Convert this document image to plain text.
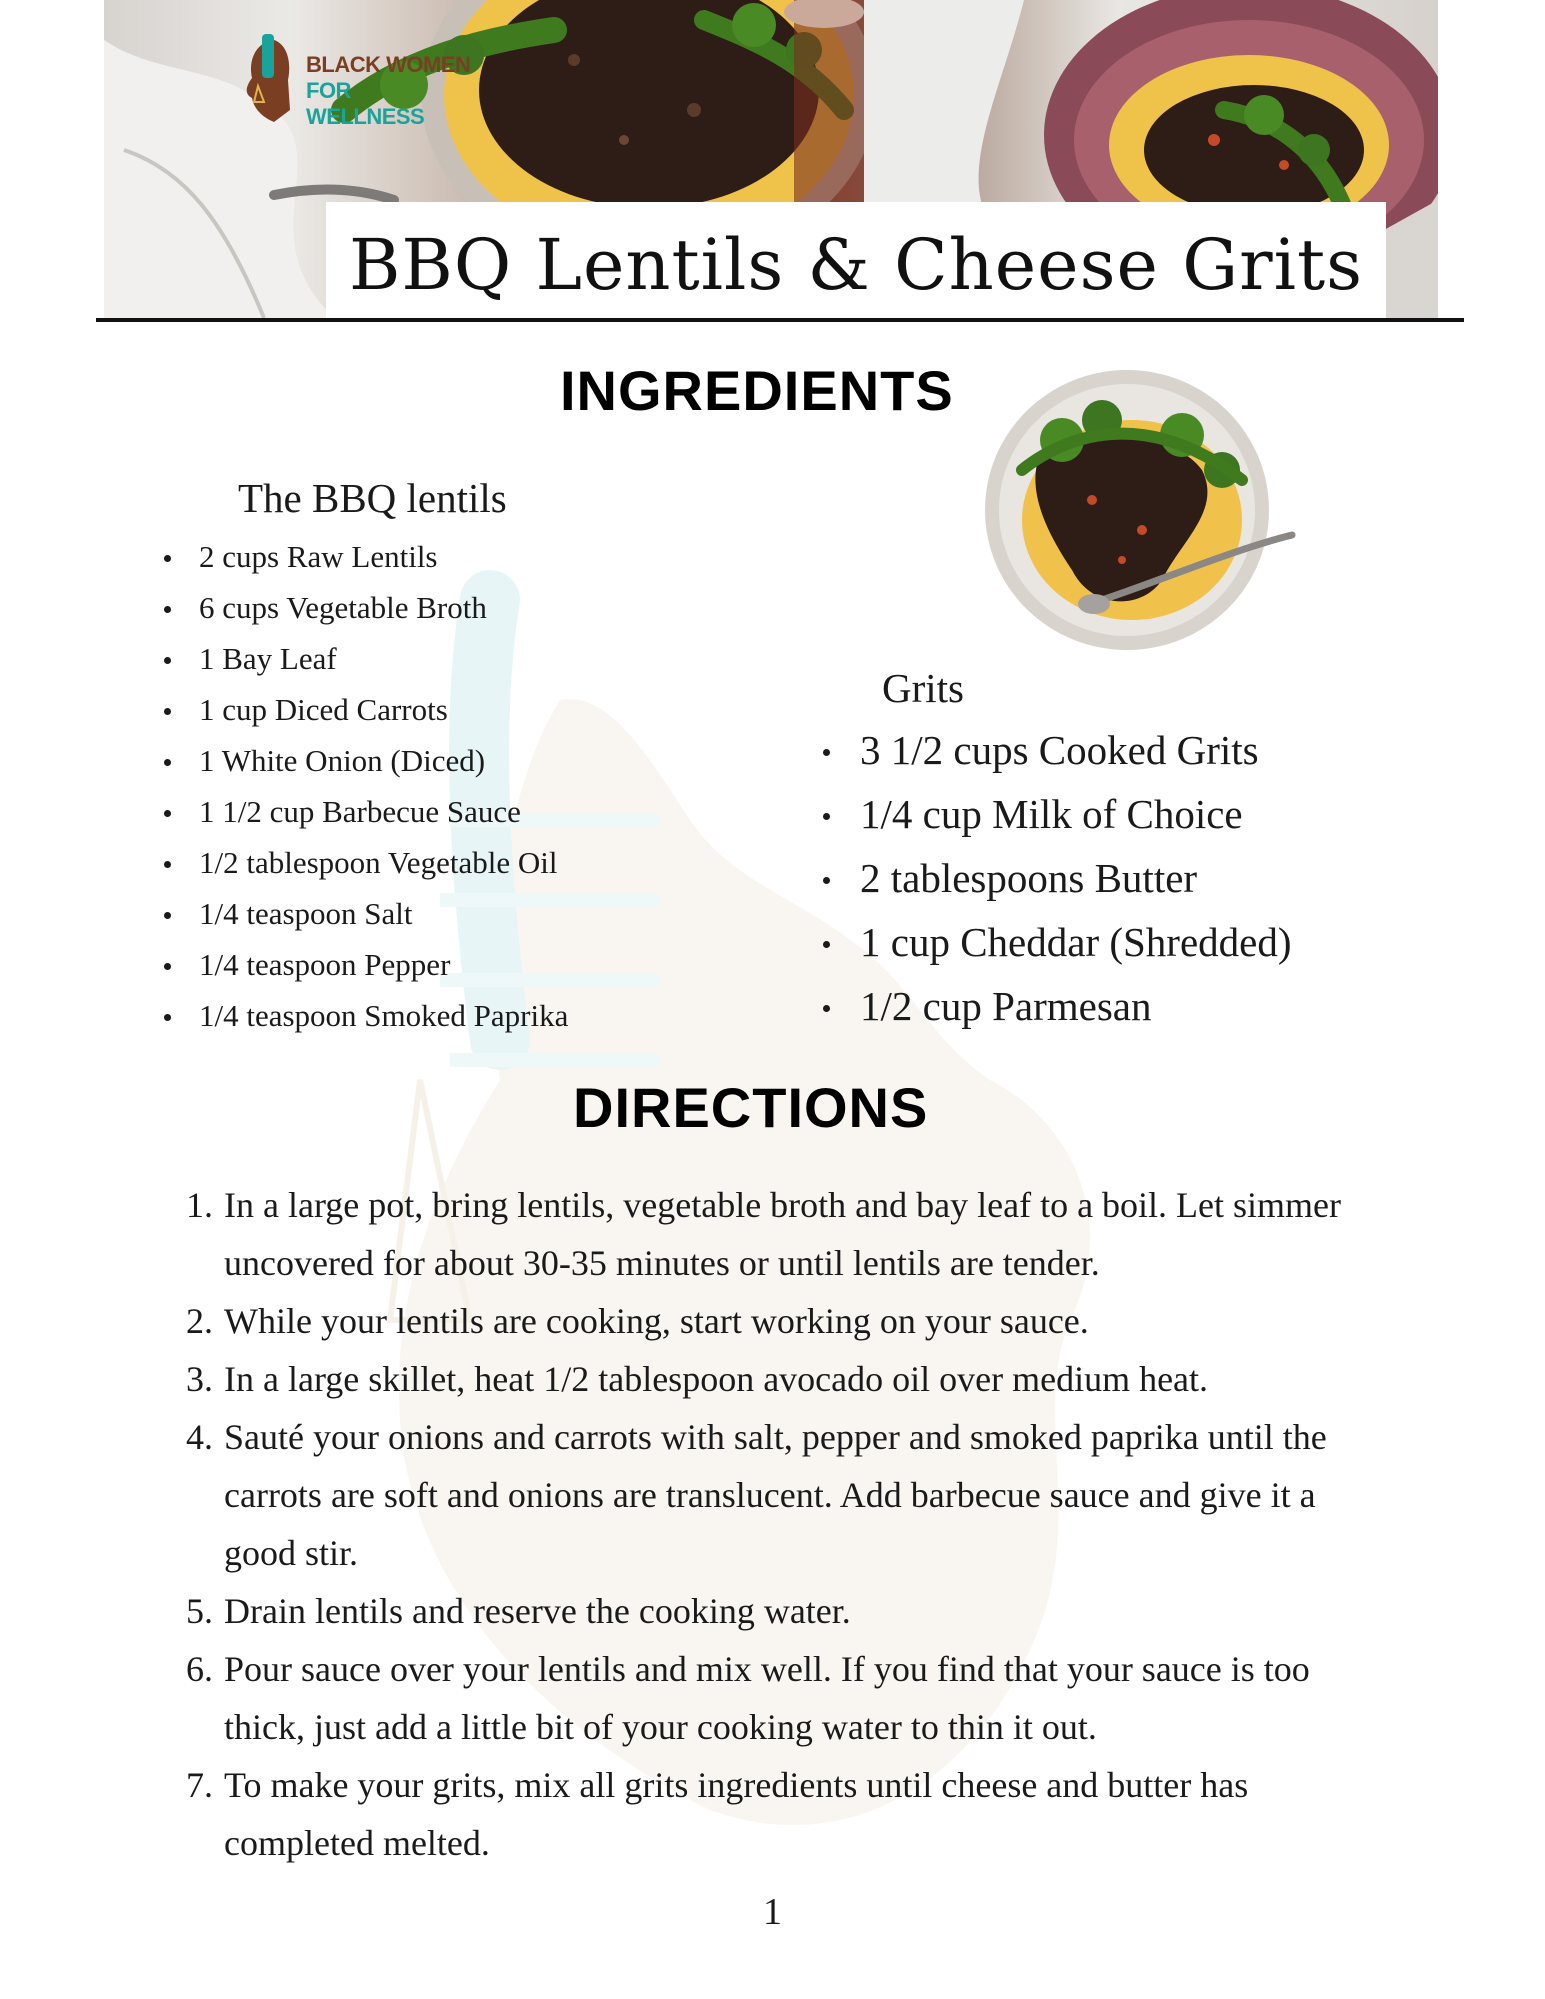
BLACK WOMEN
FOR WELLNESS
BBQ Lentils & Cheese Grits
INGREDIENTS
The BBQ lentils
2 cups Raw Lentils
6 cups Vegetable Broth
1 Bay Leaf
1 cup Diced Carrots
1 White Onion (Diced)
1 1/2 cup Barbecue Sauce
1/2 tablespoon Vegetable Oil
1/4 teaspoon Salt
1/4 teaspoon Pepper
1/4 teaspoon Smoked Paprika
Grits
3 1/2 cups Cooked Grits
1/4 cup Milk of Choice
2 tablespoons Butter
1 cup Cheddar (Shredded)
1/2 cup Parmesan
DIRECTIONS
1. In a large pot, bring lentils, vegetable broth and bay leaf to a boil. Let simmer uncovered for about 30-35 minutes or until lentils are tender.
2. While your lentils are cooking, start working on your sauce.
3. In a large skillet, heat 1/2 tablespoon avocado oil over medium heat.
4. Sauté your onions and carrots with salt, pepper and smoked paprika until the carrots are soft and onions are translucent. Add barbecue sauce and give it a good stir.
5. Drain lentils and reserve the cooking water.
6. Pour sauce over your lentils and mix well. If you find that your sauce is too thick, just add a little bit of your cooking water to thin it out.
7. To make your grits, mix all grits ingredients until cheese and butter has completed melted.
1
